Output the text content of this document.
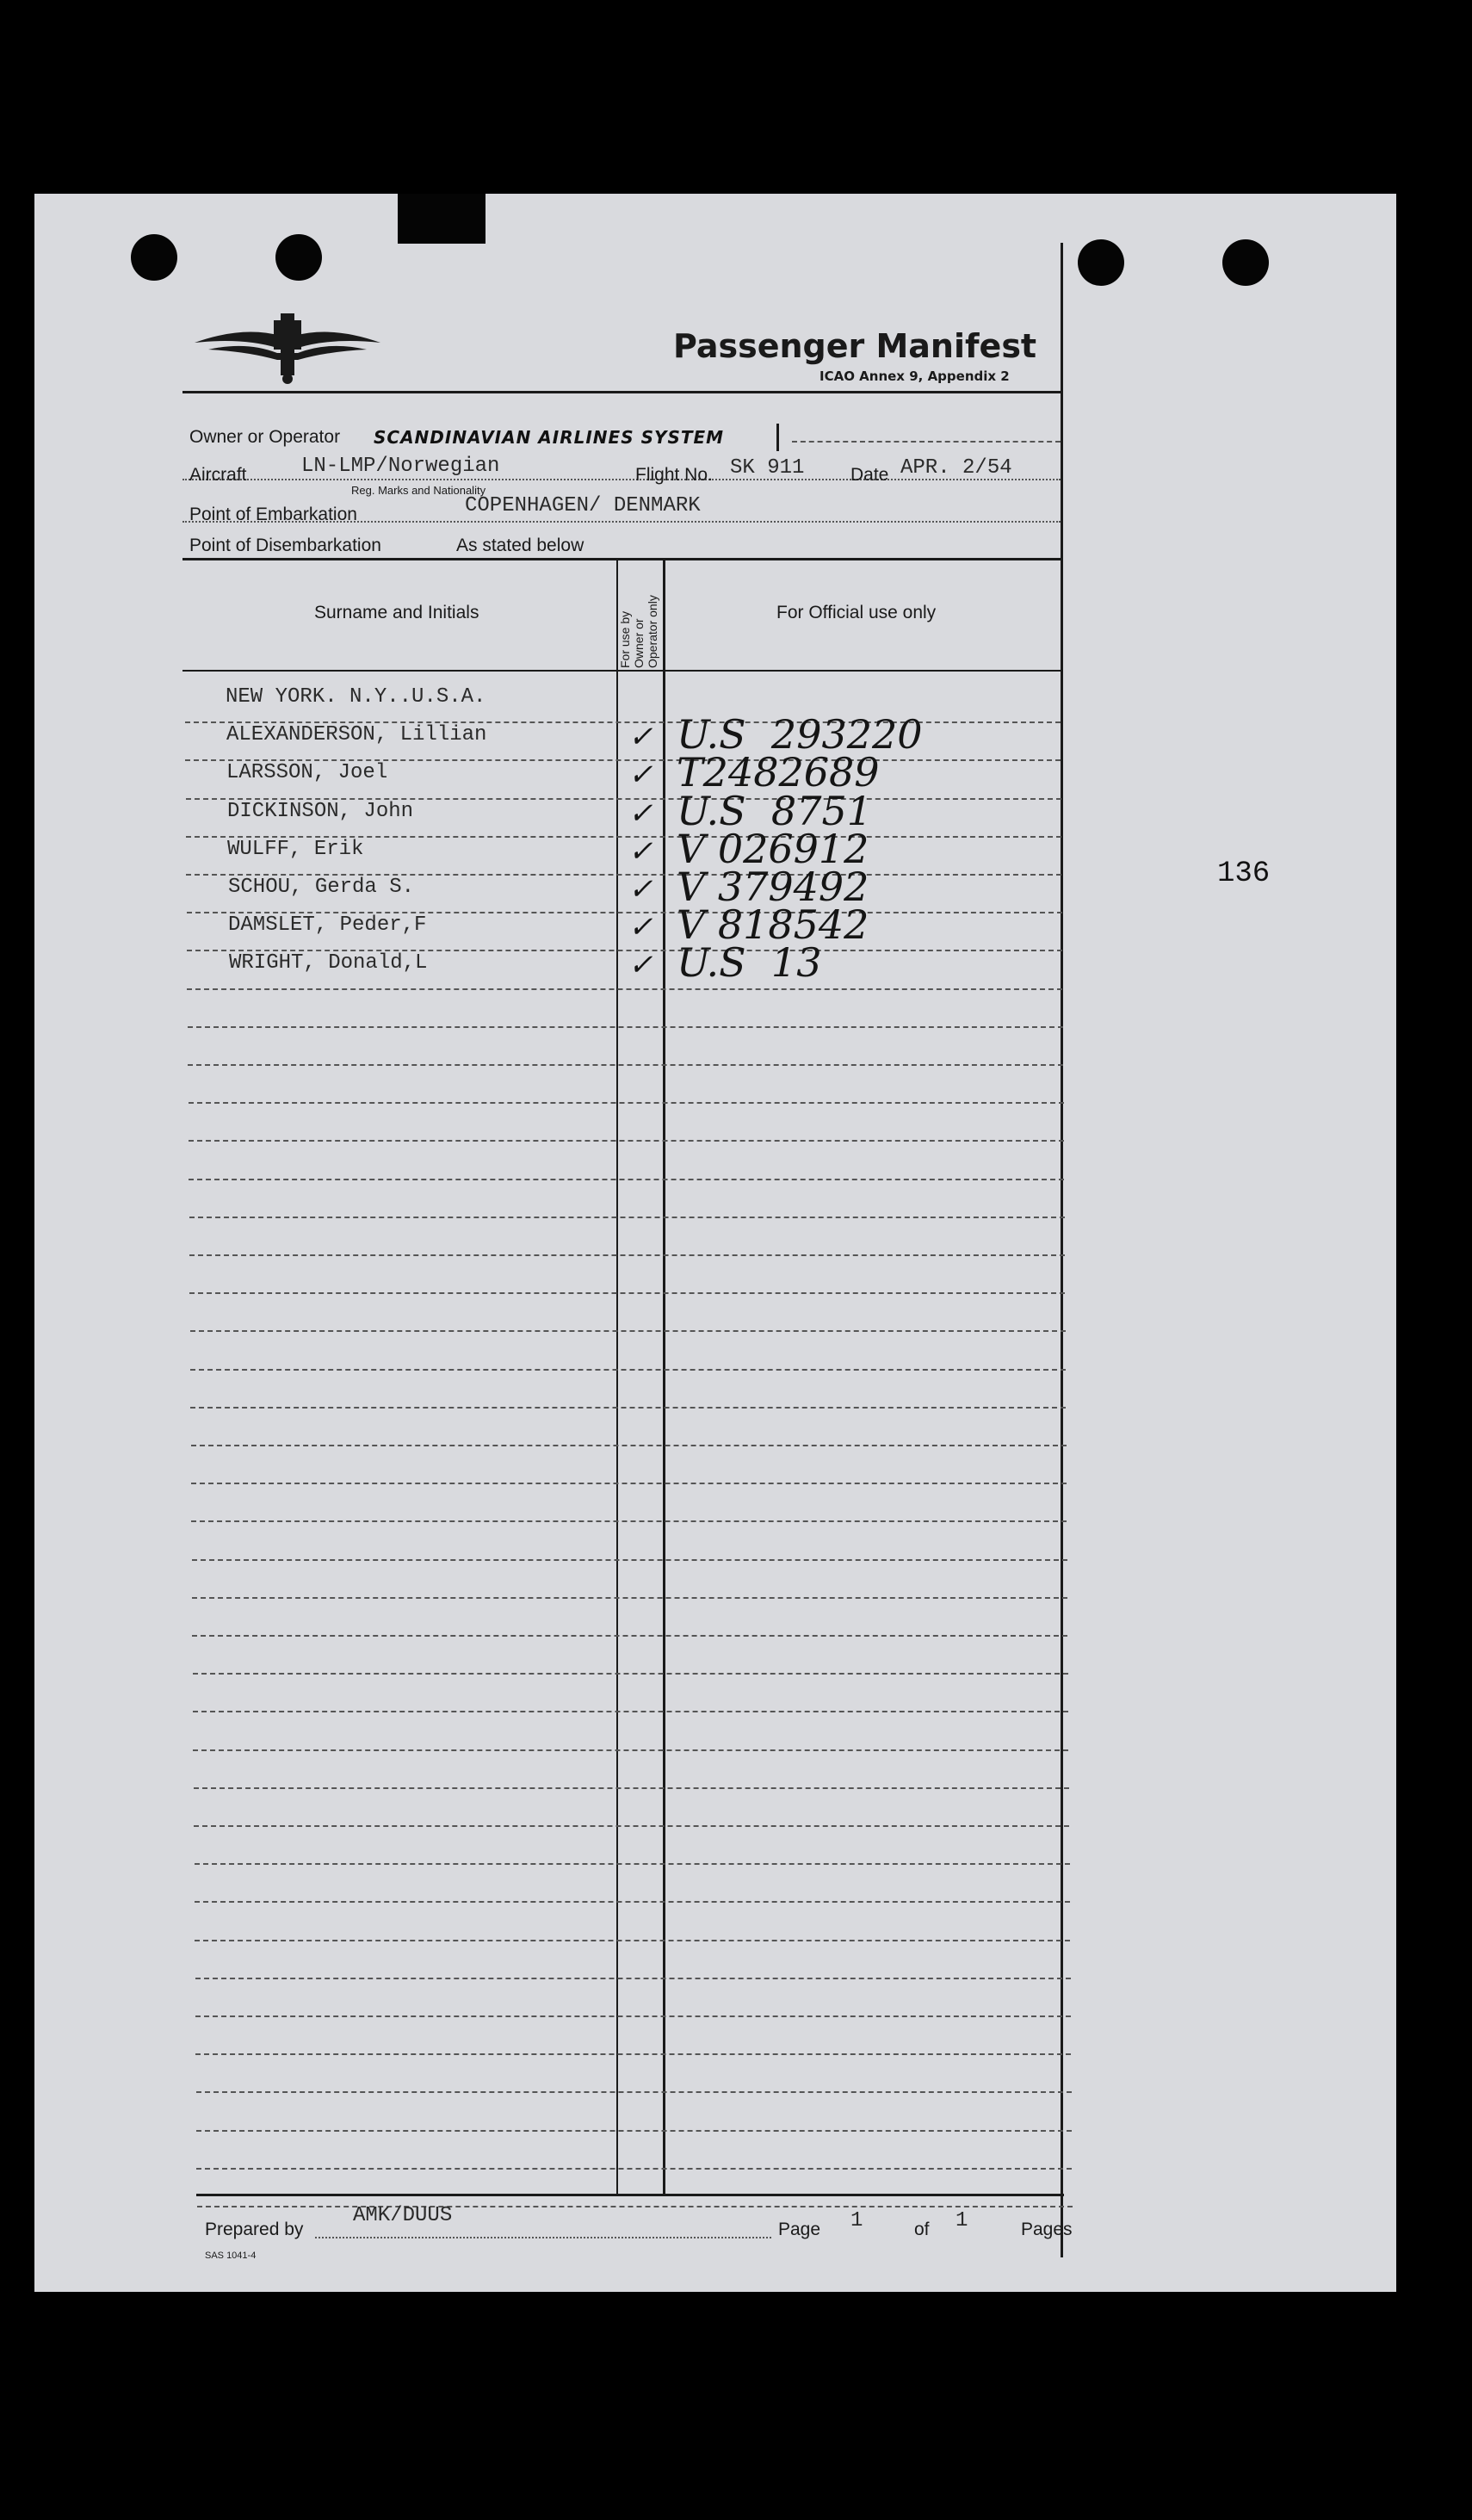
Passenger Manifest
ICAO Annex 9, Appendix 2
Owner or Operator SCANDINAVIAN AIRLINES SYSTEM
Aircraft	LN-LMP/Norwegian
Reg. Marks and Nationality
Flight No. SK 911	Date APR. 2/54
Point of Embarkation	COPENHAGEN/ DENMARK
Point of Disembarkation	As stated below
Surname and Initials	For use by Owner or Operator only	For Official use only
NEW YORK. N.Y..U.S.A.
ALEXANDERSON, Lillian	✓ U.S  293220
LARSSON, Joel	✓ T2482689
DICKINSON, John	✓ U.S  8751
WULFF, Erik	✓ V 026912
SCHOU, Gerda S.	✓ V 379492
DAMSLET, Peder,F	✓ V 818542
WRIGHT, Donald,L	✓ U.S  13
136
Prepared by
AMK/DUUS
Page 1	of 1	Pages
SAS 1041-4
